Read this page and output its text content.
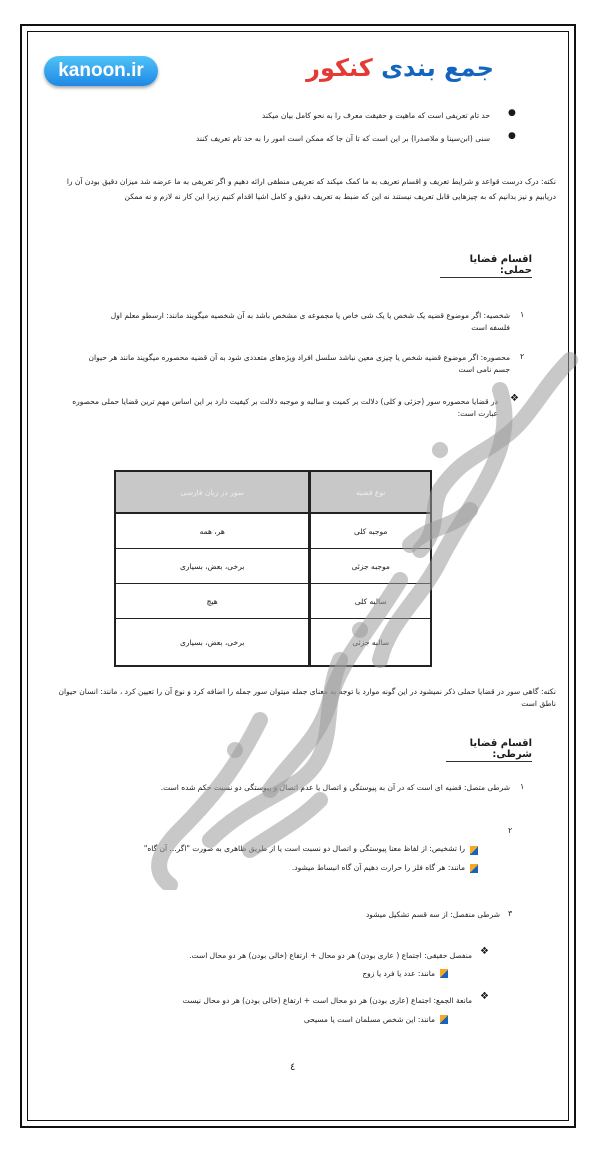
kanoon.ir	جمع بندی کنکور
حد تام تعریفی است که ماهیت و حقیقت معرف را به نحو کامل بیان میکند ●
سنی (ابن‌سینا و ملاصدرا) بر این است که تا آن جا که ممکن است امور را به حد تام تعریف کنند ●
نکته: درک درست قواعد و شرایط تعریف و اقسام تعریف به ما کمک میکند که تعریفی منطقی ارائه دهیم و اگر تعریفی به ما عرضه شد میزان دقیق بودن آن را دریابیم و نیز بدانیم که به چیزهایی قابل تعریف نیستند نه این که ضبط به تعریف دقیق و کامل اشیا اقدام کنیم زیرا این کار نه لازم و نه ممکن
اقسام قضایا حملی:
۱
شخصیه: اگر موضوع قضیه یک شخص یا یک شی خاص یا مجموعه ی مشخص باشد به آن شخصیه میگویند مانند: ارسطو معلم اول فلسفه است
۲
محصوره: اگر موضوع قضیه شخص یا چیزی معین نباشد سلسل افراد ویژه‌های متعددی شود به آن قضیه محصوره میگویند مانند هر حیوان جسم نامی است
❖
در قضایا محصوره سور (جزئی و کلی) دلالت بر کمیت و سالبه و موجبه دلالت بر کیفیت دارد بر این اساس مهم ترین قضایا حملی محصوره عبارت است:
سور در زبان فارسی	نوع قضیه
هر، همه	موجبه کلی
برخی، بعض، بسیاری	موجبه جزئی
هیچ	سالبه کلی
برخی، بعض، بسیاری	سالبه جزئی
نکته: گاهی سور در قضایا حملی ذکر نمیشود در این گونه موارد با توجه به معنای جمله میتوان سور جمله را اضافه کرد و نوع آن را تعیین کرد ، مانند: انسان حیوان ناطق است
اقسام قضایا شرطی:
۱
شرطی متصل: قضیه ای است که در آن به پیوستگی و اتصال یا عدم اتصال و پیوستگی دو نسبت حکم شده است.
۲
را تشخیص: از لفاظ معنا پیوستگی و اتصال دو نسبت است یا از طریق ظاهری به صورت "اگر... آن گاه"
مانند: هر گاه فلز را حرارت دهیم آن گاه انبساط میشود.
۳
شرطی منفصل: از سه قسم تشکیل میشود
❖
منفصل حقیقی: اجتماع ( عاری بودن) هر دو محال + ارتفاع (خالی بودن) هر دو محال است.
مانند: عدد یا فرد یا زوج
❖
مانعة الجمع: اجتماع (عاری بودن) هر دو محال است + ارتفاع (خالی بودن) هر دو محال نیست
مانند: این شخص مسلمان است یا مسیحی
٤
